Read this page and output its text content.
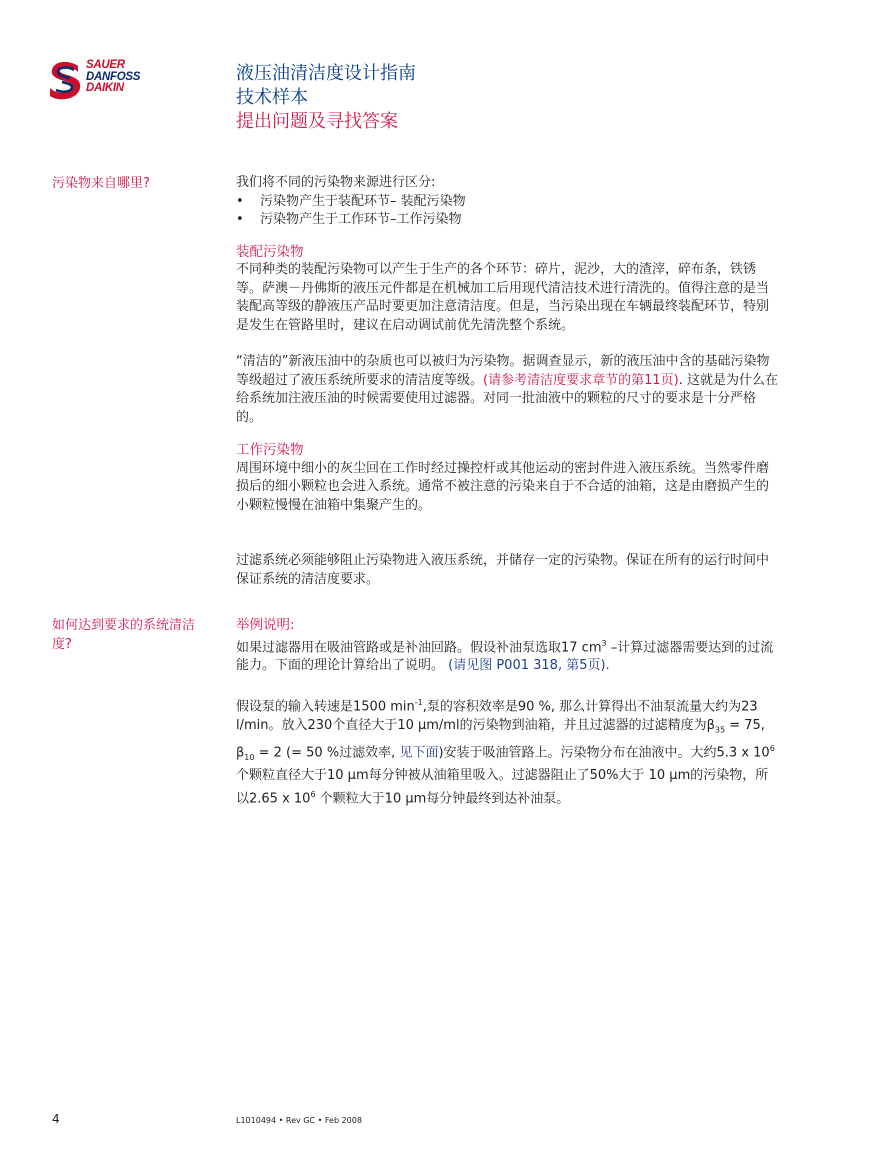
SAUER
DANFOSS
DAIKIN
液压油清洁度设计指南
技术样本
提出问题及寻找答案
污染物来自哪里?
如何达到要求的系统清洁度?

我们将不同的污染物来源进行区分:

• 污染物产生于装配环节– 装配污染物
• 污染物产生于工作环节–工作污染物

装配污染物

不同种类的装配污染物可以产生于生产的各个环节：碎片，泥沙，大的渣滓，碎布条，铁锈等。萨澳－丹佛斯的液压元件都是在机械加工后用现代清洁技术进行清洗的。值得注意的是当装配高等级的静液压产品时要更加注意清洁度。但是，当污染出现在车辆最终装配环节，特别是发生在管路里时，建议在启动调试前优先清洗整个系统。

“清洁的”新液压油中的杂质也可以被归为污染物。据调查显示，新的液压油中含的基础污染物等级超过了液压系统所要求的清洁度等级。(请参考清洁度要求章节的第11页). 这就是为什么在给系统加注液压油的时候需要使用过滤器。对同一批油液中的颗粒的尺寸的要求是十分严格的。

工作污染物

周围环境中细小的灰尘回在工作时经过操控杆或其他运动的密封件进入液压系统。当然零件磨损后的细小颗粒也会进入系统。通常不被注意的污染来自于不合适的油箱，这是由磨损产生的小颗粒慢慢在油箱中集聚产生的。

过滤系统必须能够阻止污染物进入液压系统，并储存一定的污染物。保证在所有的运行时间中保证系统的清洁度要求。

举例说明:

如果过滤器用在吸油管路或是补油回路。假设补油泵选取17 $cm^3$ –计算过滤器需要达到的过流能力。下面的理论计算给出了说明。 (请见图 P001 318, 第5页).

假设泵的输入转速是1500 $\min^{-1}$,泵的容积效率是90 %, 那么计算得出不油泵流量大约为23 l/min。放入230个直径大于10 μm/ml的污染物到油箱，并且过滤器的过滤精度为$\beta_{35} = 75$, $\beta_{10} = 2$ (= 50 %过滤效率, 见下面)安装于吸油管路上。污染物分布在油液中。大约5.3 x $10^6$ 个颗粒直径大于10 μm每分钟被从油箱里吸入。过滤器阻止了50%大于 10 μm的污染物，所以2.65 x $10^6$ 个颗粒大于10 μm每分钟最终到达补油泵。

4	L1010494 • Rev GC • Feb 2008
